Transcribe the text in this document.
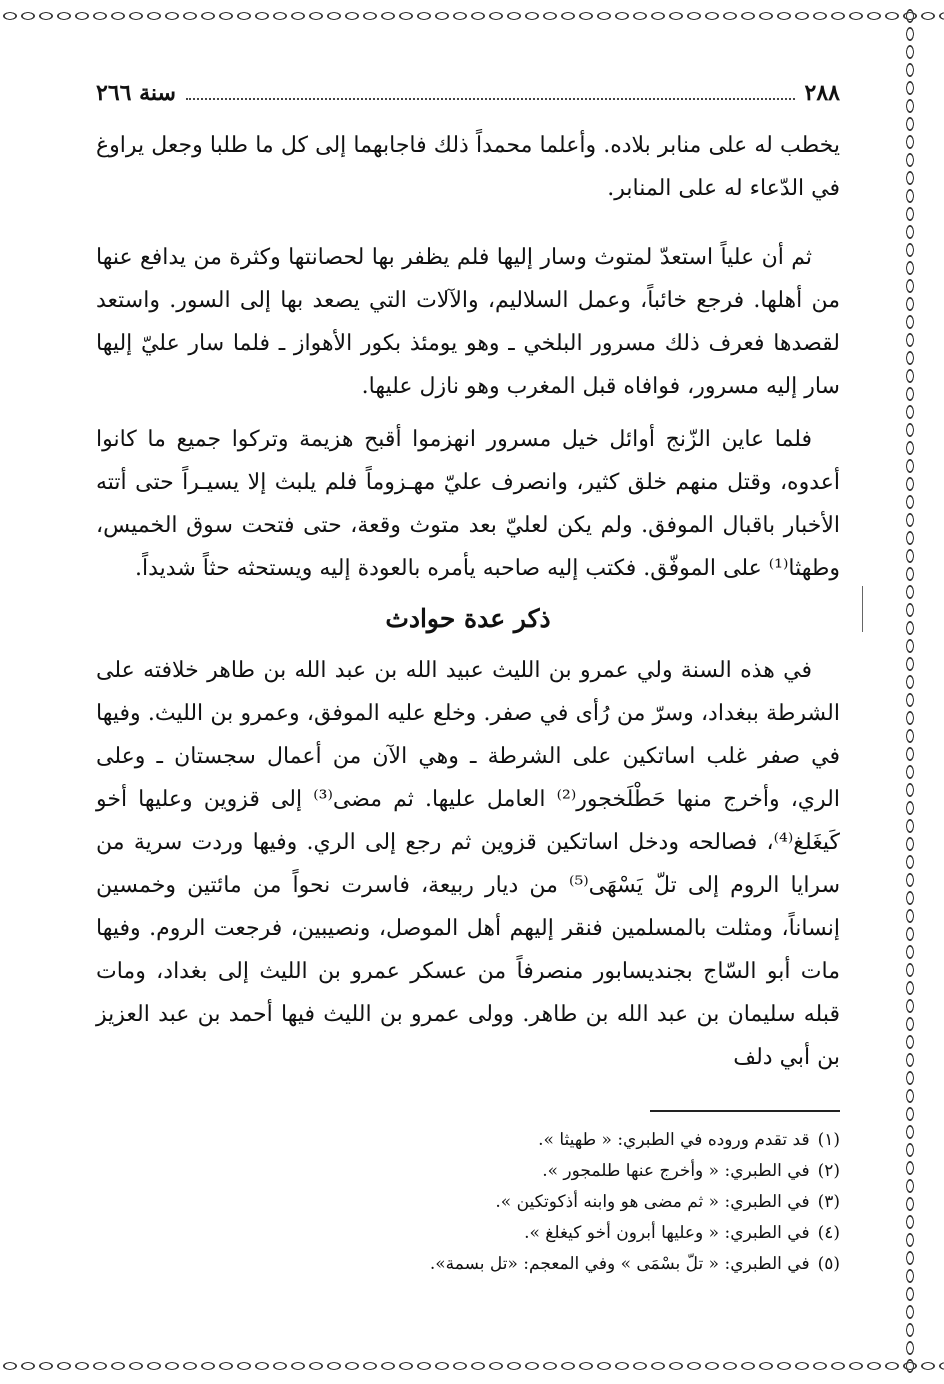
٢٨٨
سنة ٢٦٦

يخطب له على منابر بلاده. وأعلما محمداً ذلك فاجابهما إلى كل ما طلبا وجعل يراوغ في الدّعاء له على المنابر.

ثم أن علياً استعدّ لمتوث وسار إليها فلم يظفر بها لحصانتها وكثرة من يدافع عنها من أهلها. فرجع خائباً، وعمل السلاليم، والآلات التي يصعد بها إلى السور. واستعد لقصدها فعرف ذلك مسرور البلخي ـ وهو يومئذ بكور الأهواز ـ فلما سار عليّ إليها سار إليه مسرور، فوافاه قبل المغرب وهو نازل عليها.

فلما عاين الزّنج أوائل خيل مسرور انهزموا أقبح هزيمة وتركوا جميع ما كانوا أعدوه، وقتل منهم خلق كثير، وانصرف عليّ مهـزوماً فلم يلبث إلا يسيـراً حتى أتته الأخبار باقبال الموفق. ولم يكن لعليّ بعد متوث وقعة، حتى فتحت سوق الخميس، وطهثا⁽¹⁾ على الموفّق. فكتب إليه صاحبه يأمره بالعودة إليه ويستحثه حثاً شديداً.

ذكر عدة حوادث

في هذه السنة ولي عمرو بن الليث عبيد الله بن عبد الله بن طاهر خلافته على الشرطة ببغداد، وسرّ من رُأى في صفر. وخلع عليه الموفق، وعمرو بن الليث. وفيها في صفر غلب اساتكين على الشرطة ـ وهي الآن من أعمال سجستان ـ وعلى الري، وأخرج منها حَطْلَخجور⁽²⁾ العامل عليها. ثم مضى⁽³⁾ إلى قزوين وعليها أخو كَيغَلغ⁽⁴⁾، فصالحه ودخل اساتكين قزوين ثم رجع إلى الري. وفيها وردت سرية من سرايا الروم إلى تلّ يَسْهَى⁽⁵⁾ من ديار ربيعة، فاسرت نحواً من مائتين وخمسين إنساناً، ومثلت بالمسلمين فنقر إليهم أهل الموصل، ونصيبين، فرجعت الروم. وفيها مات أبو السّاج بجنديسابور منصرفاً من عسكر عمرو بن الليث إلى بغداد، ومات قبله سليمان بن عبد الله بن طاهر. وولى عمرو بن الليث فيها أحمد بن عبد العزيز بن أبي دلف

(١)قد تقدم وروده في الطبري: « طهيثا ».
(٢)في الطبري: « وأخرج عنها طلمجور ».
(٣)في الطبري: « ثم مضى هو وابنه أذكوتكين ».
(٤)في الطبري: « وعليها أبرون أخو كيغلغ ».
(٥)في الطبري: « تلّ بسْمَى » وفي المعجم: «تل بسمة».
